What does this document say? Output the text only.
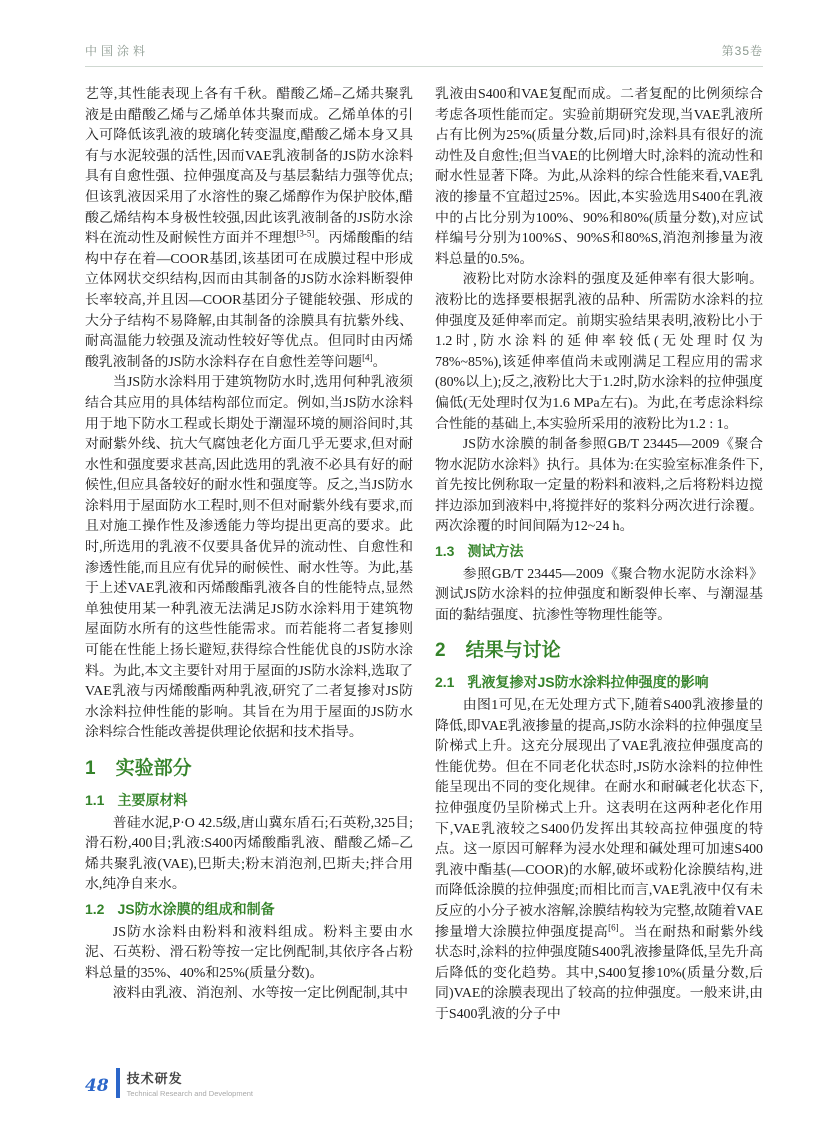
中国涂料	第35卷
艺等,其性能表现上各有千秋。醋酸乙烯–乙烯共聚乳液是由醋酸乙烯与乙烯单体共聚而成。乙烯单体的引入可降低该乳液的玻璃化转变温度,醋酸乙烯本身又具有与水泥较强的活性,因而VAE乳液制备的JS防水涂料具有自愈性强、拉伸强度高及与基层黏结力强等优点;但该乳液因采用了水溶性的聚乙烯醇作为保护胶体,醋酸乙烯结构本身极性较强,因此该乳液制备的JS防水涂料在流动性及耐候性方面并不理想[3-5]。丙烯酸酯的结构中存在着—COOR基团,该基团可在成膜过程中形成立体网状交织结构,因而由其制备的JS防水涂料断裂伸长率较高,并且因—COOR基团分子键能较强、形成的大分子结构不易降解,由其制备的涂膜具有抗紫外线、耐高温能力较强及流动性较好等优点。但同时由丙烯酸乳液制备的JS防水涂料存在自愈性差等问题[4]。
当JS防水涂料用于建筑物防水时,选用何种乳液须结合其应用的具体结构部位而定。例如,当JS防水涂料用于地下防水工程或长期处于潮湿环境的厕浴间时,其对耐紫外线、抗大气腐蚀老化方面几乎无要求,但对耐水性和强度要求甚高,因此选用的乳液不必具有好的耐候性,但应具备较好的耐水性和强度等。反之,当JS防水涂料用于屋面防水工程时,则不但对耐紫外线有要求,而且对施工操作性及渗透能力等均提出更高的要求。此时,所选用的乳液不仅要具备优异的流动性、自愈性和渗透性能,而且应有优异的耐候性、耐水性等。为此,基于上述VAE乳液和丙烯酸酯乳液各自的性能特点,显然单独使用某一种乳液无法满足JS防水涂料用于建筑物屋面防水所有的这些性能需求。而若能将二者复掺则可能在性能上扬长避短,获得综合性能优良的JS防水涂料。为此,本文主要针对用于屋面的JS防水涂料,选取了VAE乳液与丙烯酸酯两种乳液,研究了二者复掺对JS防水涂料拉伸性能的影响。其旨在为用于屋面的JS防水涂料综合性能改善提供理论依据和技术指导。
1 实验部分
1.1 主要原材料
普硅水泥,P·O 42.5级,唐山冀东盾石;石英粉,325目;滑石粉,400目;乳液:S400丙烯酸酯乳液、醋酸乙烯–乙烯共聚乳液(VAE),巴斯夫;粉末消泡剂,巴斯夫;拌合用水,纯净自来水。
1.2 JS防水涂膜的组成和制备
JS防水涂料由粉料和液料组成。粉料主要由水泥、石英粉、滑石粉等按一定比例配制,其依序各占粉料总量的35%、40%和25%(质量分数)。
液料由乳液、消泡剂、水等按一定比例配制,其中
乳液由S400和VAE复配而成。二者复配的比例须综合考虑各项性能而定。实验前期研究发现,当VAE乳液所占有比例为25%(质量分数,后同)时,涂料具有很好的流动性及自愈性;但当VAE的比例增大时,涂料的流动性和耐水性显著下降。为此,从涂料的综合性能来看,VAE乳液的掺量不宜超过25%。因此,本实验选用S400在乳液中的占比分别为100%、90%和80%(质量分数),对应试样编号分别为100%S、90%S和80%S,消泡剂掺量为液料总量的0.5%。
液粉比对防水涂料的强度及延伸率有很大影响。液粉比的选择要根据乳液的品种、所需防水涂料的拉伸强度及延伸率而定。前期实验结果表明,液粉比小于1.2时,防水涂料的延伸率较低(无处理时仅为78%~85%),该延伸率值尚未或刚满足工程应用的需求(80%以上);反之,液粉比大于1.2时,防水涂料的拉伸强度偏低(无处理时仅为1.6 MPa左右)。为此,在考虑涂料综合性能的基础上,本实验所采用的液粉比为1.2 : 1。
JS防水涂膜的制备参照GB/T 23445—2009《聚合物水泥防水涂料》执行。具体为:在实验室标准条件下,首先按比例称取一定量的粉料和液料,之后将粉料边搅拌边添加到液料中,将搅拌好的浆料分两次进行涂覆。两次涂覆的时间间隔为12~24 h。
1.3 测试方法
参照GB/T 23445—2009《聚合物水泥防水涂料》测试JS防水涂料的拉伸强度和断裂伸长率、与潮湿基面的黏结强度、抗渗性等物理性能等。
2 结果与讨论
2.1 乳液复掺对JS防水涂料拉伸强度的影响
由图1可见,在无处理方式下,随着S400乳液掺量的降低,即VAE乳液掺量的提高,JS防水涂料的拉伸强度呈阶梯式上升。这充分展现出了VAE乳液拉伸强度高的性能优势。但在不同老化状态时,JS防水涂料的拉伸性能呈现出不同的变化规律。在耐水和耐碱老化状态下,拉伸强度仍呈阶梯式上升。这表明在这两种老化作用下,VAE乳液较之S400仍发挥出其较高拉伸强度的特点。这一原因可解释为浸水处理和碱处理可加速S400乳液中酯基(—COOR)的水解,破坏或粉化涂膜结构,进而降低涂膜的拉伸强度;而相比而言,VAE乳液中仅有未反应的小分子被水溶解,涂膜结构较为完整,故随着VAE掺量增大涂膜拉伸强度提高[6]。当在耐热和耐紫外线状态时,涂料的拉伸强度随S400乳液掺量降低,呈先升高后降低的变化趋势。其中,S400复掺10%(质量分数,后同)VAE的涂膜表现出了较高的拉伸强度。一般来讲,由于S400乳液的分子中
48 技术研发
Technical Research and Development
